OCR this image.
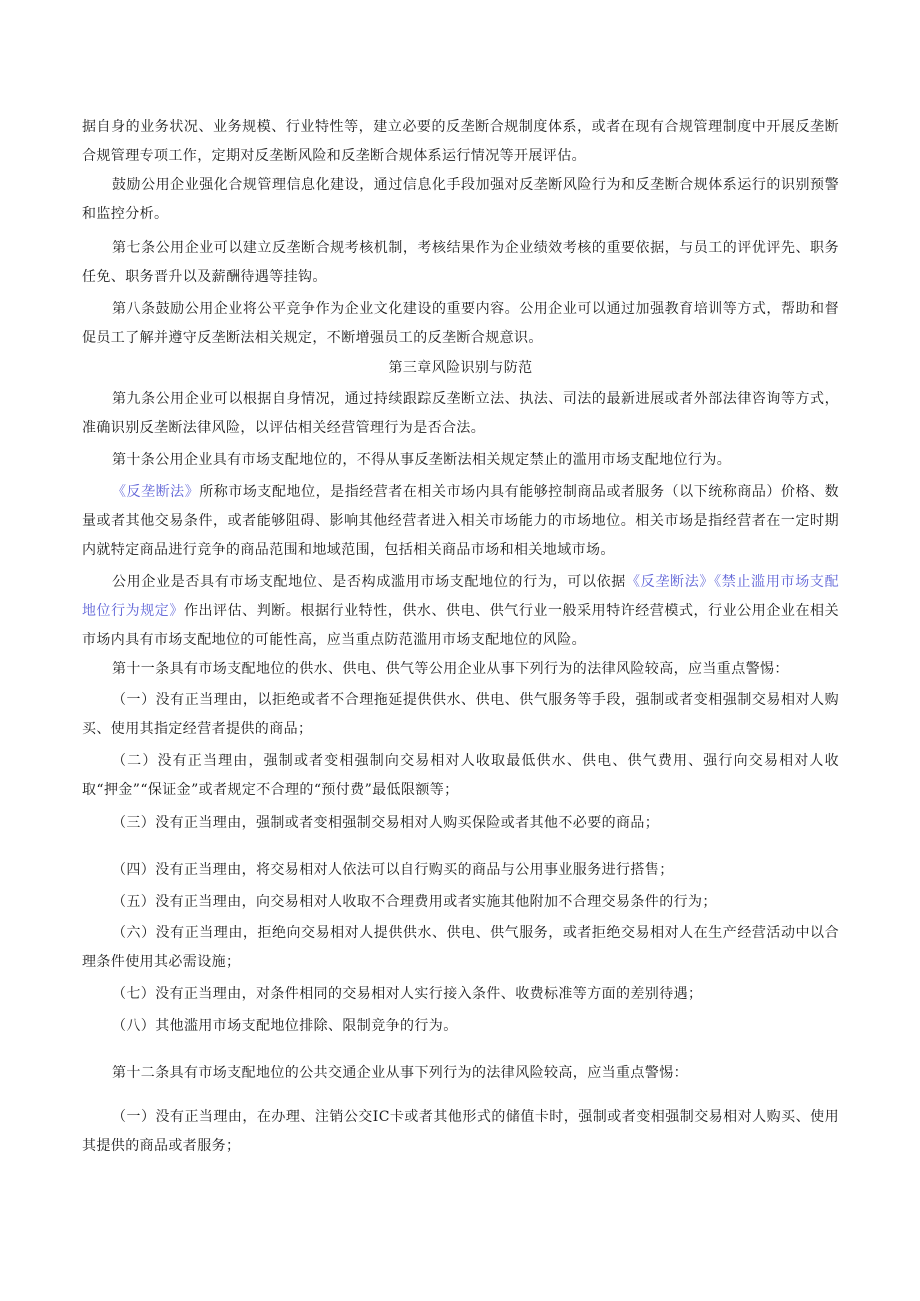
据自身的业务状况、业务规模、行业特性等，建立必要的反垄断合规制度体系，或者在现有合规管理制度中开展反垄断合规管理专项工作，定期对反垄断风险和反垄断合规体系运行情况等开展评估。
鼓励公用企业强化合规管理信息化建设，通过信息化手段加强对反垄断风险行为和反垄断合规体系运行的识别预警和监控分析。
第七条公用企业可以建立反垄断合规考核机制，考核结果作为企业绩效考核的重要依据，与员工的评优评先、职务任免、职务晋升以及薪酬待遇等挂钩。
第八条鼓励公用企业将公平竞争作为企业文化建设的重要内容。公用企业可以通过加强教育培训等方式，帮助和督促员工了解并遵守反垄断法相关规定，不断增强员工的反垄断合规意识。
第三章风险识别与防范
第九条公用企业可以根据自身情况，通过持续跟踪反垄断立法、执法、司法的最新进展或者外部法律咨询等方式，准确识别反垄断法律风险，以评估相关经营管理行为是否合法。
第十条公用企业具有市场支配地位的，不得从事反垄断法相关规定禁止的滥用市场支配地位行为。
《反垄断法》所称市场支配地位，是指经营者在相关市场内具有能够控制商品或者服务（以下统称商品）价格、数量或者其他交易条件，或者能够阻碍、影响其他经营者进入相关市场能力的市场地位。相关市场是指经营者在一定时期内就特定商品进行竞争的商品范围和地域范围，包括相关商品市场和相关地域市场。
公用企业是否具有市场支配地位、是否构成滥用市场支配地位的行为，可以依据《反垄断法》《禁止滥用市场支配地位行为规定》作出评估、判断。根据行业特性，供水、供电、供气行业一般采用特许经营模式，行业公用企业在相关市场内具有市场支配地位的可能性高，应当重点防范滥用市场支配地位的风险。
第十一条具有市场支配地位的供水、供电、供气等公用企业从事下列行为的法律风险较高，应当重点警惕：
（一）没有正当理由，以拒绝或者不合理拖延提供供水、供电、供气服务等手段，强制或者变相强制交易相对人购买、使用其指定经营者提供的商品；
（二）没有正当理由，强制或者变相强制向交易相对人收取最低供水、供电、供气费用、强行向交易相对人收取“押金”“保证金”或者规定不合理的“预付费”最低限额等；
（三）没有正当理由，强制或者变相强制交易相对人购买保险或者其他不必要的商品；
（四）没有正当理由，将交易相对人依法可以自行购买的商品与公用事业服务进行搭售；
（五）没有正当理由，向交易相对人收取不合理费用或者实施其他附加不合理交易条件的行为；
（六）没有正当理由，拒绝向交易相对人提供供水、供电、供气服务，或者拒绝交易相对人在生产经营活动中以合理条件使用其必需设施；
（七）没有正当理由，对条件相同的交易相对人实行接入条件、收费标准等方面的差别待遇；
（八）其他滥用市场支配地位排除、限制竞争的行为。
第十二条具有市场支配地位的公共交通企业从事下列行为的法律风险较高，应当重点警惕：
（一）没有正当理由，在办理、注销公交IC卡或者其他形式的储值卡时，强制或者变相强制交易相对人购买、使用其提供的商品或者服务；
